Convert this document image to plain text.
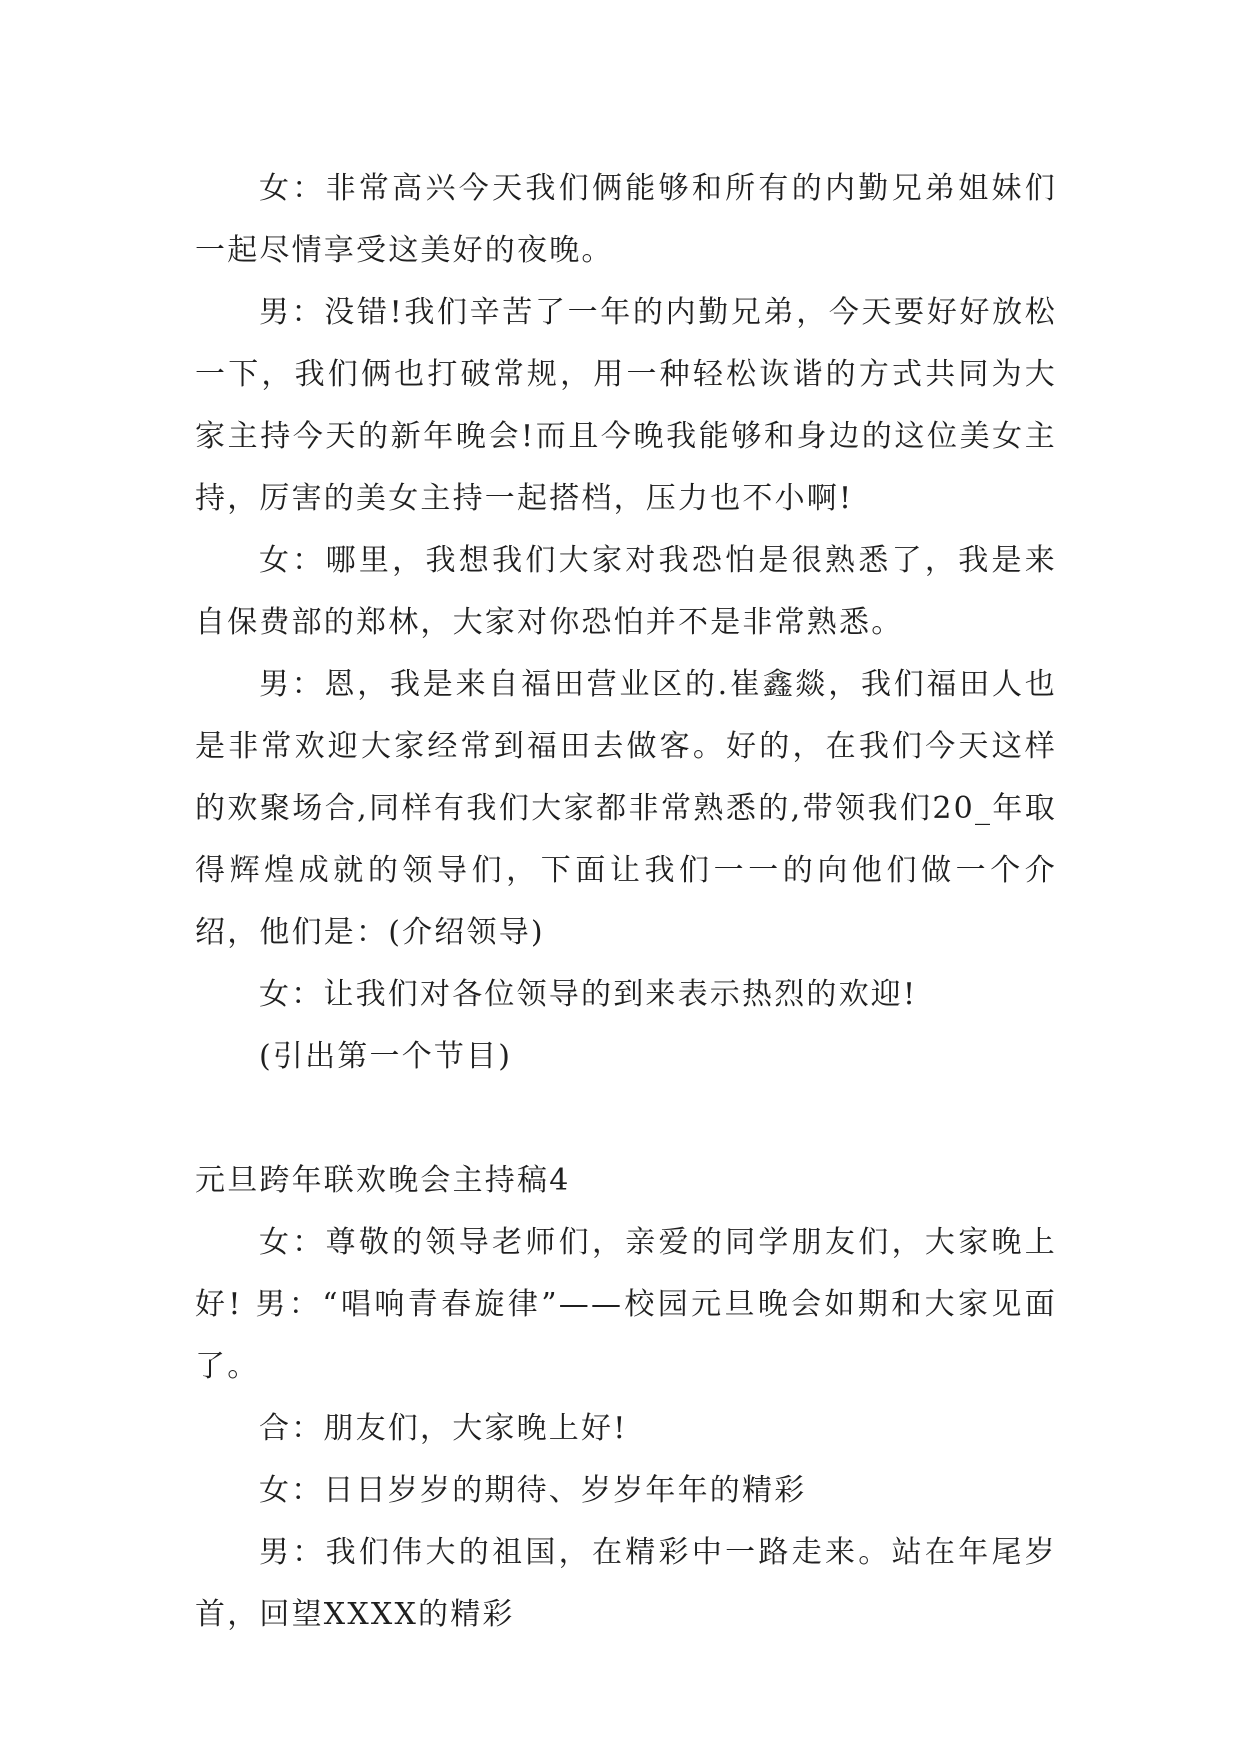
女：非常高兴今天我们俩能够和所有的内勤兄弟姐妹们一起尽情享受这美好的夜晚。

男：没错!我们辛苦了一年的内勤兄弟，今天要好好放松一下，我们俩也打破常规，用一种轻松诙谐的方式共同为大家主持今天的新年晚会!而且今晚我能够和身边的这位美女主持，厉害的美女主持一起搭档，压力也不小啊!

女：哪里，我想我们大家对我恐怕是很熟悉了，我是来自保费部的郑林，大家对你恐怕并不是非常熟悉。

男：恩，我是来自福田营业区的.崔鑫燚，我们福田人也是非常欢迎大家经常到福田去做客。好的，在我们今天这样的欢聚场合,同样有我们大家都非常熟悉的,带领我们20_年取得辉煌成就的领导们，下面让我们一一的向他们做一个介绍，他们是：(介绍领导)

女：让我们对各位领导的到来表示热烈的欢迎!

(引出第一个节目)

元旦跨年联欢晚会主持稿4

女：尊敬的领导老师们，亲爱的同学朋友们，大家晚上好! 男：“唱响青春旋律”——校园元旦晚会如期和大家见面了。

合：朋友们，大家晚上好!

女：日日岁岁的期待、岁岁年年的精彩

男：我们伟大的祖国，在精彩中一路走来。站在年尾岁首，回望XXXX的精彩
